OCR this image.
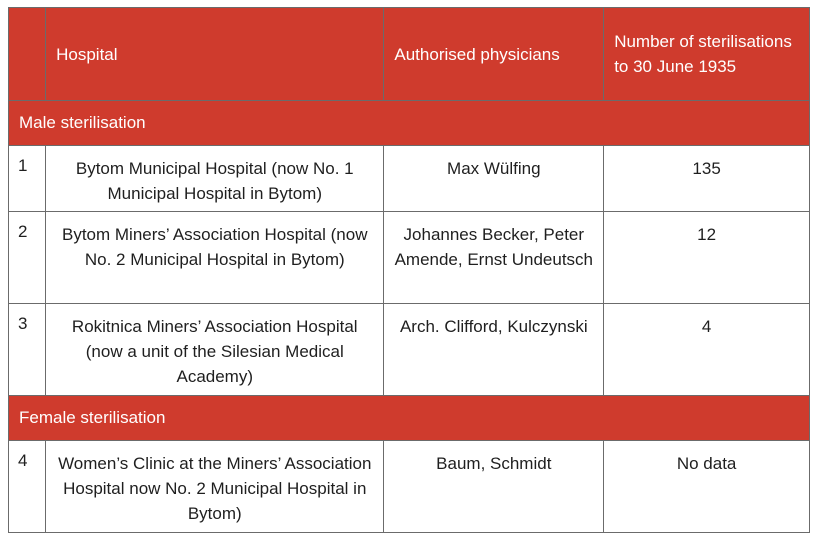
	Hospital	Authorised physicians	Number of sterilisations to 30 June 1935

Male sterilisation			
1	Bytom Municipal Hospital (now No. 1 Municipal Hospital in Bytom)	Max Wülfing	135
2	Bytom Miners’ Association Hospital (now No. 2 Municipal Hospital in Bytom)	Johannes Becker, Peter Amende, Ernst Undeutsch	12
3	Rokitnica Miners’ Association Hospital (now a unit of the Silesian Medical Academy)	Arch. Clifford, Kulczynski	4
Female sterilisation			
4	Women’s Clinic at the Miners’ Association Hospital now No. 2 Municipal Hospital in Bytom)	Baum, Schmidt	No data
